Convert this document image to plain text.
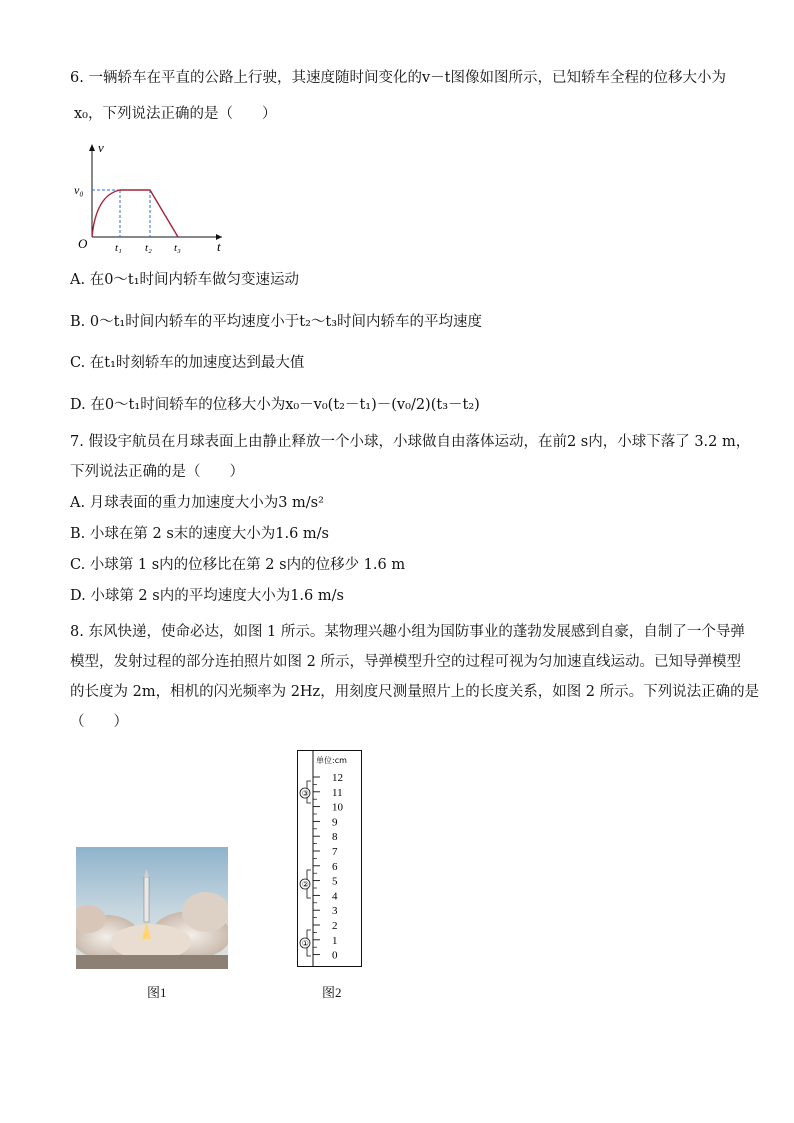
6. 一辆轿车在平直的公路上行驶，其速度随时间变化的v－t图像如图所示，已知轿车全程的位移大小为
x₀，下列说法正确的是（　　）
v
t
O
v₀
t₁ t₂ t₃
A. 在0～t₁时间内轿车做匀变速运动
B. 0～t₁时间内轿车的平均速度小于t₂～t₃时间内轿车的平均速度
C. 在t₁时刻轿车的加速度达到最大值
D. 在0～t₁时间轿车的位移大小为x₀－v₀(t₂－t₁)－(v₀/2)(t₃－t₂)
7. 假设宇航员在月球表面上由静止释放一个小球，小球做自由落体运动，在前2 s内，小球下落了 3.2 m，
下列说法正确的是（　　）
A. 月球表面的重力加速度大小为3 m/s²
B. 小球在第 2 s末的速度大小为1.6 m/s
C. 小球第 1 s内的位移比在第 2 s内的位移少 1.6 m
D. 小球第 2 s内的平均速度大小为1.6 m/s
8. 东风快递，使命必达，如图 1 所示。某物理兴趣小组为国防事业的蓬勃发展感到自豪，自制了一个导弹
模型，发射过程的部分连拍照片如图 2 所示，导弹模型升空的过程可视为匀加速直线运动。已知导弹模型
的长度为 2m，相机的闪光频率为 2Hz，用刻度尺测量照片上的长度关系，如图 2 所示。下列说法正确的是
（　　）
图1
单位:cm
12
11
10
9
8
7
6
5
4
3
2
1
0
③
②
①
图2
